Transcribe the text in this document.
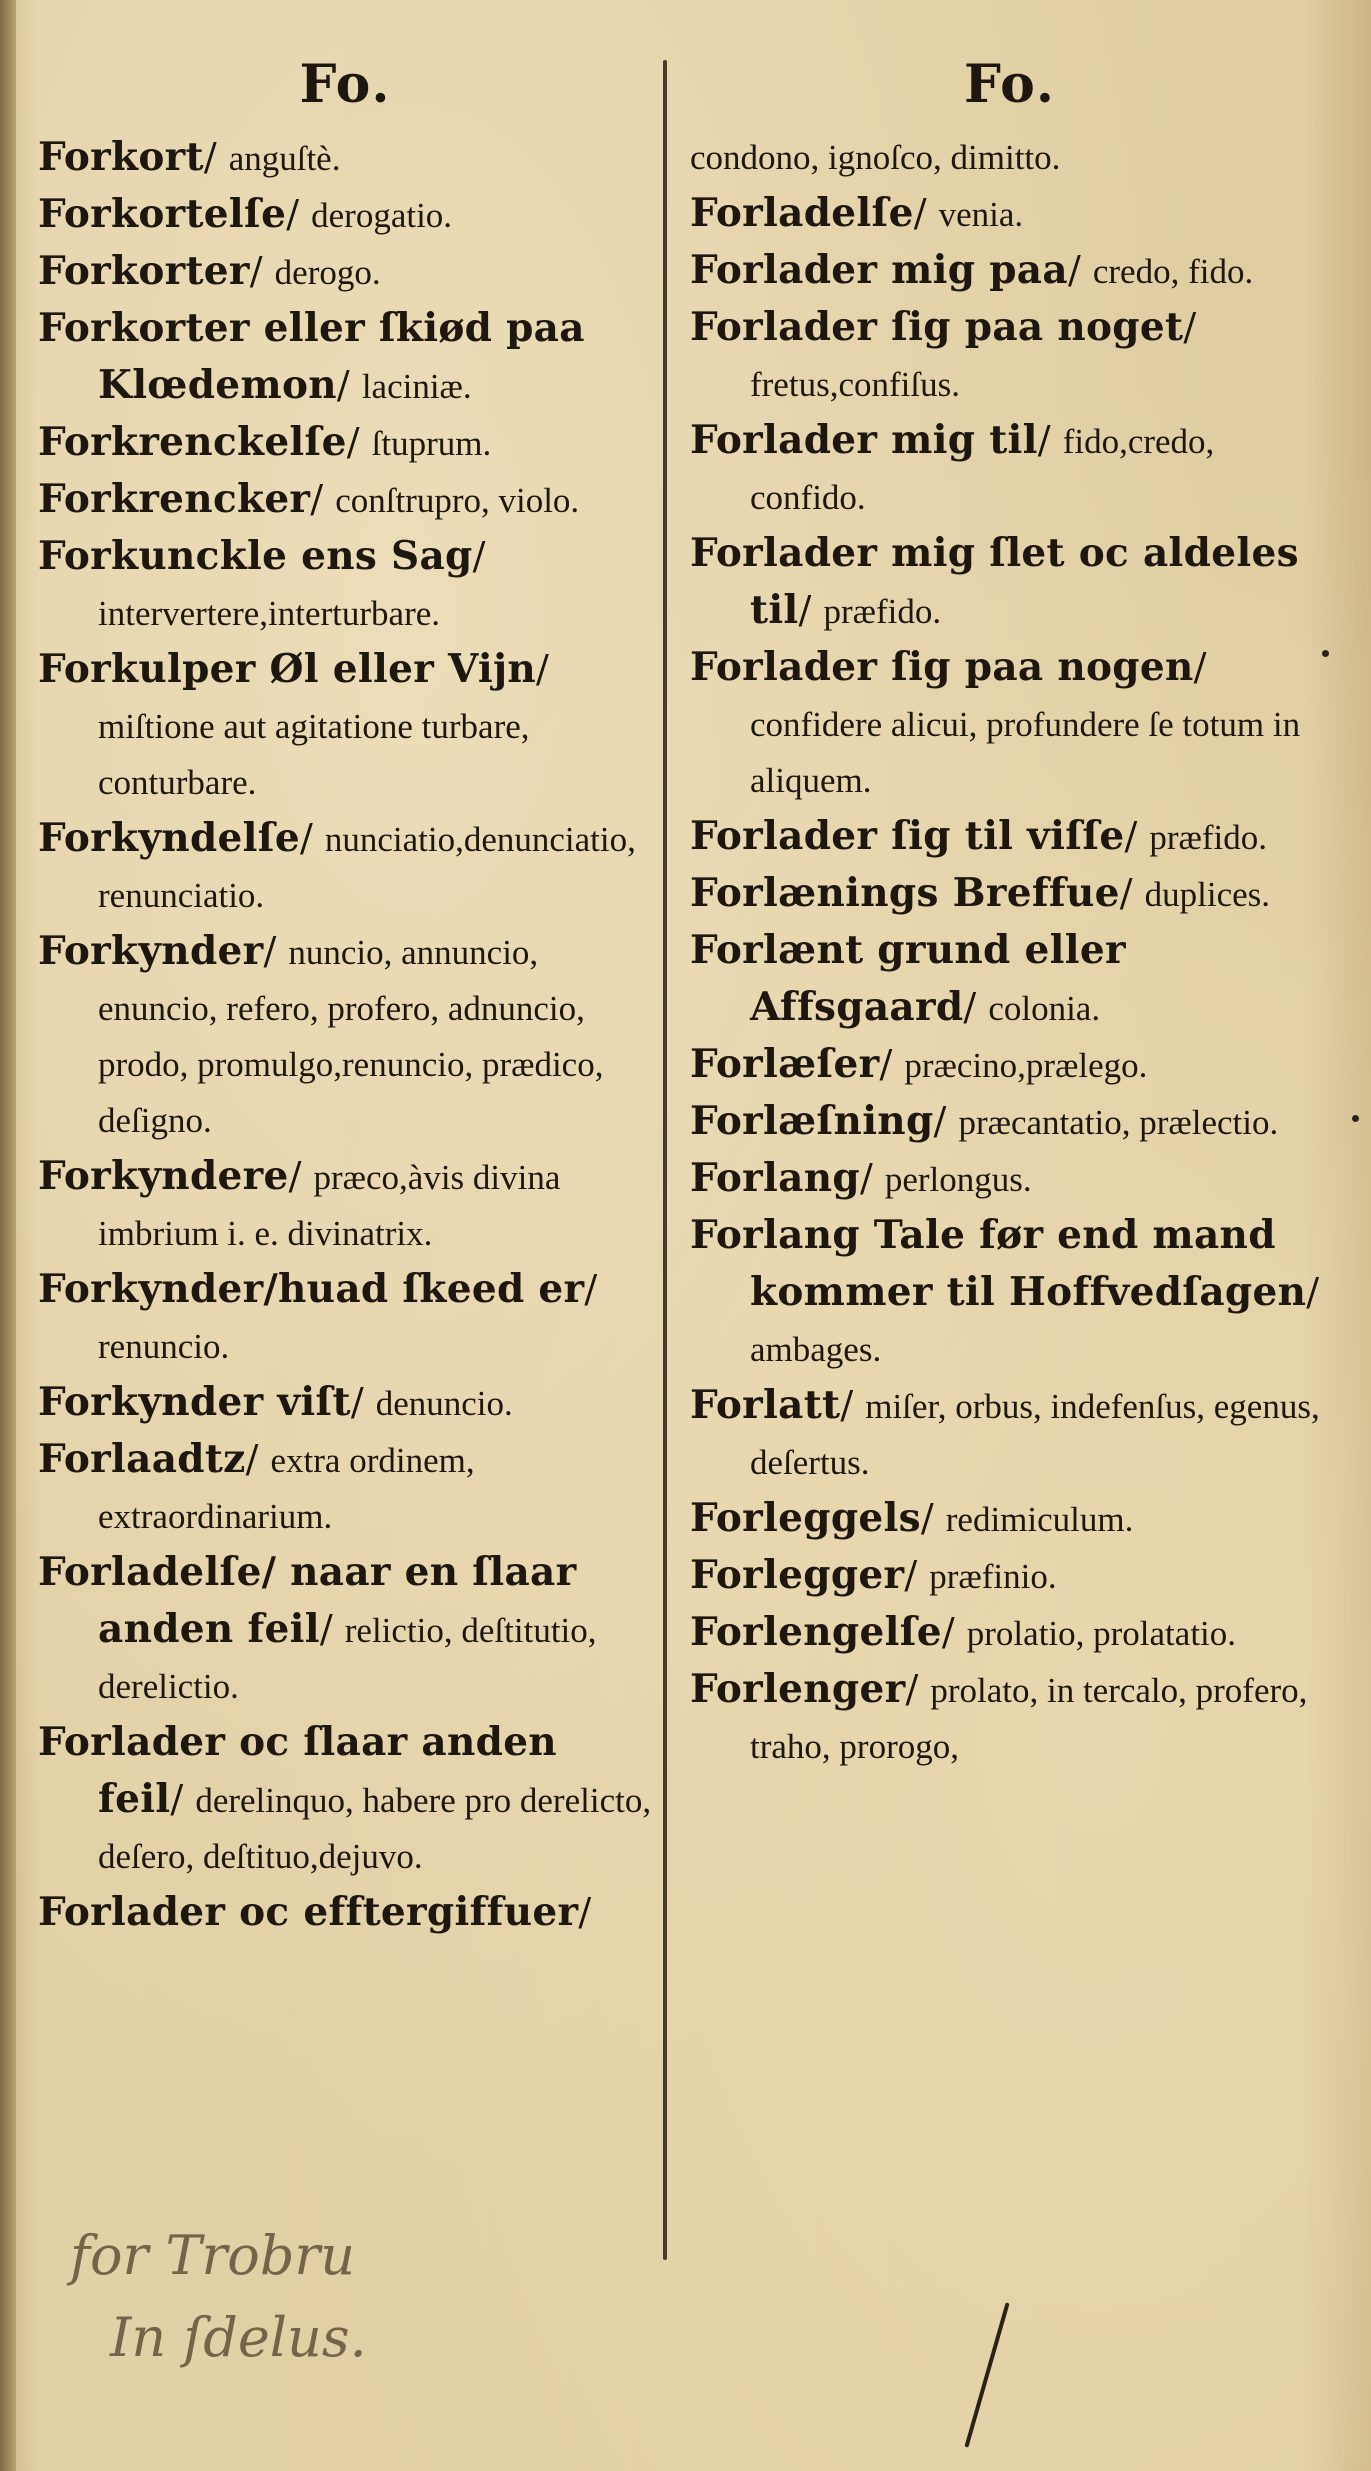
Fo.

Forkort/ anguſtè.

Forkortelſe/ derogatio.

Forkorter/ derogo.

Forkorter eller ſkiød paa Klœdemon/ laciniæ.

Forkrenckelſe/ ſtuprum.

Forkrencker/ conſtrupro, violo.

Forkunckle ens Sag/ intervertere,interturbare.

Forkulper Øl eller Vijn/ miſtione aut agitatione turbare, conturbare.

Forkyndelſe/ nunciatio,denunciatio, renunciatio.

Forkynder/ nuncio, annuncio, enuncio, refero, profero, adnuncio, prodo, promulgo,renuncio, prædico, deſigno.

Forkyndere/ præco,àvis divina imbrium i. e. divinatrix.

Forkynder/huad ſkeed er/ renuncio.

Forkynder viſt/ denuncio.

Forlaadtz/ extra ordinem, extraordinarium.

Forladelſe/ naar en ſlaar anden feil/ relictio, deſtitutio, derelictio.

Forlader oc ſlaar anden feil/ derelinquo, habere pro derelicto, deſero, deſtituo,dejuvo.

Forlader oc efftergiffuer/

Fo.

condono, ignoſco, dimitto.

Forladelſe/ venia.

Forlader mig paa/ credo, fido.

Forlader ſig paa noget/ fretus,confiſus.

Forlader mig til/ fido,credo, confido.

Forlader mig ſlet oc aldeles til/ præfido.

Forlader ſig paa nogen/ confidere alicui, profundere ſe totum in aliquem.

Forlader ſig til viſſe/ præfido.

Forlænings Breffue/ duplices.

Forlænt grund eller Affsgaard/ colonia.

Forlæſer/ præcino,prælego.

Forlæſning/ præcantatio, prælectio.

Forlang/ perlongus.

Forlang Tale før end mand kommer til Hoffvedſagen/ ambages.

Forlatt/ miſer, orbus, indefenſus, egenus, deſertus.

Forleggels/ redimiculum.

Forlegger/ præfinio.

Forlengelſe/ prolatio, prolatatio.

Forlenger/ prolato, in tercalo, profero, traho, prorogo,

for Trobru
In ſdelus.
